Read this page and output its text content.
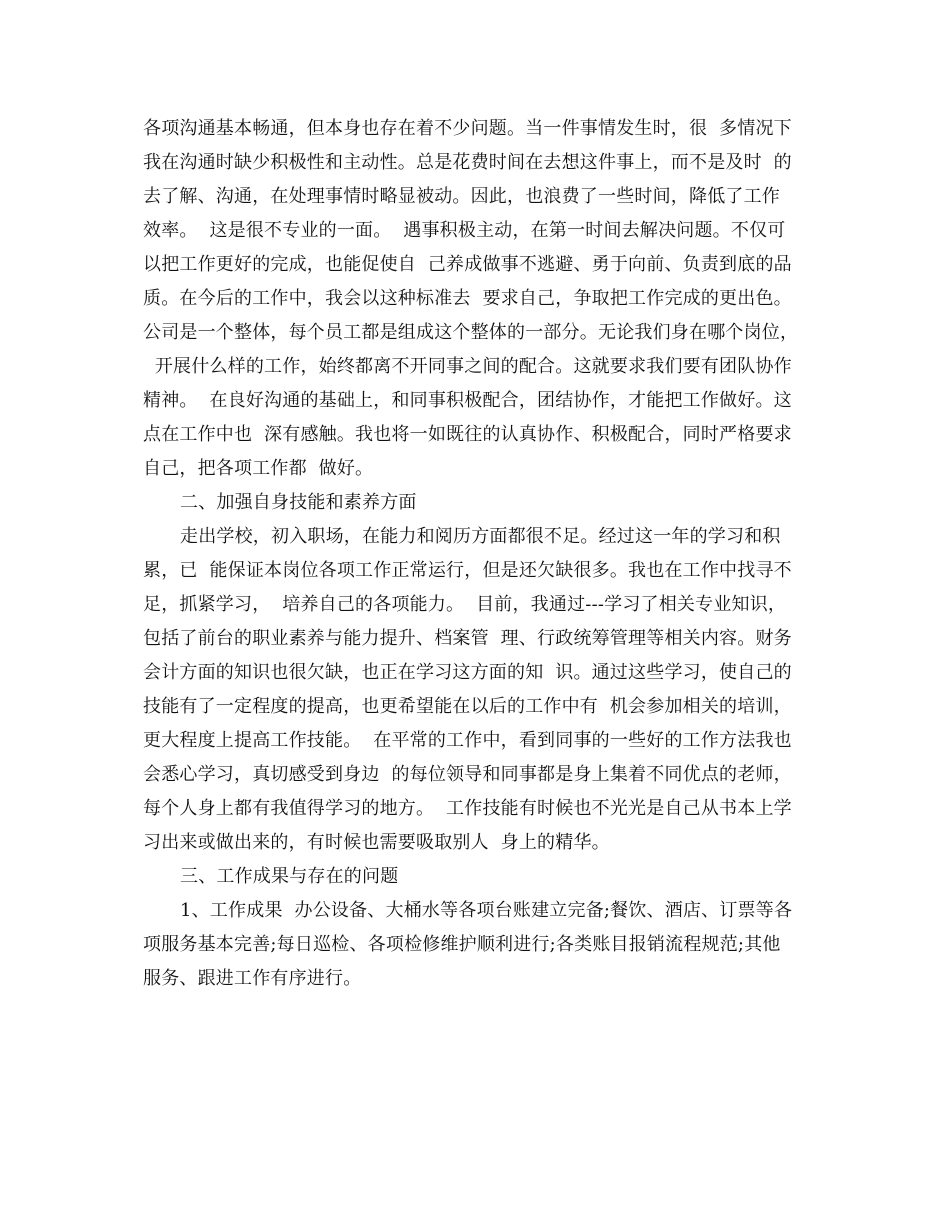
各项沟通基本畅通，但本身也存在着不少问题。当一件事情发生时，很  多情况下
我在沟通时缺少积极性和主动性。总是花费时间在去想这件事上，而不是及时  的
去了解、沟通，在处理事情时略显被动。因此，也浪费了一些时间，降低了工作
效率。  这是很不专业的一面。  遇事积极主动，在第一时间去解决问题。不仅可
以把工作更好的完成，也能促使自  己养成做事不逃避、勇于向前、负责到底的品
质。在今后的工作中，我会以这种标准去  要求自己，争取把工作完成的更出色。
公司是一个整体，每个员工都是组成这个整体的一部分。无论我们身在哪个岗位，
开展什么样的工作，始终都离不开同事之间的配合。这就要求我们要有团队协作
精神。  在良好沟通的基础上，和同事积极配合，团结协作，才能把工作做好。这
点在工作中也  深有感触。我也将一如既往的认真协作、积极配合，同时严格要求
自己，把各项工作都  做好。
二、加强自身技能和素养方面
走出学校，初入职场，在能力和阅历方面都很不足。经过这一年的学习和积
累，已  能保证本岗位各项工作正常运行，但是还欠缺很多。我也在工作中找寻不
足，抓紧学习，  培养自己的各项能力。  目前，我通过---学习了相关专业知识，
包括了前台的职业素养与能力提升、档案管  理、行政统筹管理等相关内容。财务
会计方面的知识也很欠缺，也正在学习这方面的知  识。通过这些学习，使自己的
技能有了一定程度的提高，也更希望能在以后的工作中有  机会参加相关的培训，
更大程度上提高工作技能。  在平常的工作中，看到同事的一些好的工作方法我也
会悉心学习，真切感受到身边  的每位领导和同事都是身上集着不同优点的老师，
每个人身上都有我值得学习的地方。  工作技能有时候也不光光是自己从书本上学
习出来或做出来的，有时候也需要吸取别人  身上的精华。
三、工作成果与存在的问题
1、工作成果  办公设备、大桶水等各项台账建立完备;餐饮、酒店、订票等各
项服务基本完善;每日巡检、各项检修维护顺利进行;各类账目报销流程规范;其他
服务、跟进工作有序进行。
